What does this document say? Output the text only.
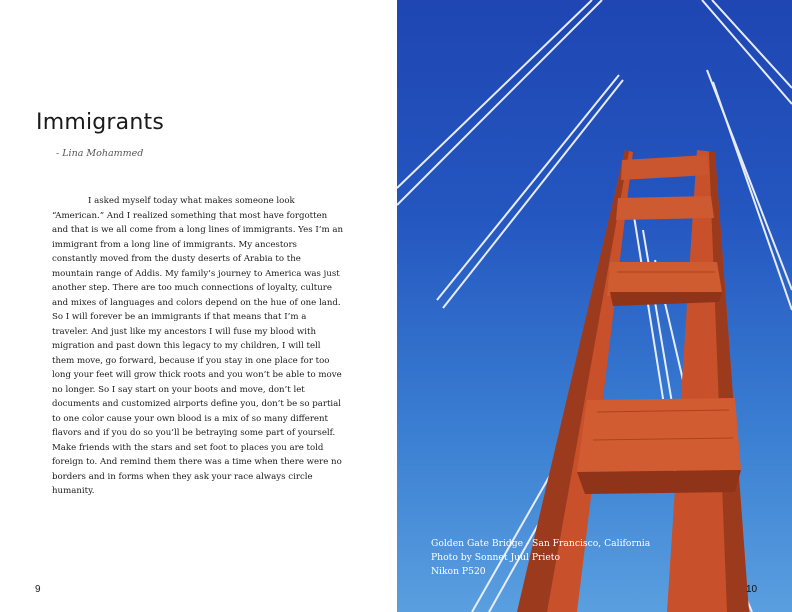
Immigrants
- Lina Mohammed

I asked myself today what makes someone look “American.” And I realized something that most have forgotten and that is we all come from a long lines of immigrants. Yes I’m an immigrant from a long line of immigrants. My ancestors constantly moved from the dusty deserts of Arabia to the mountain range of Addis. My family’s journey to America was just another step. There are too much connections of loyalty, culture and mixes of languages and colors depend on the hue of one land. So I will forever be an immigrants if that means that I’m a traveler. And just like my ancestors I will fuse my blood with migration and past down this legacy to my children, I will tell them move, go forward, because if you stay in one place for too long your feet will grow thick roots and you won’t be able to move no longer. So I say start on your boots and move, don’t let documents and customized airports define you, don’t be so partial to one color cause your own blood is a mix of so many different flavors and if you do so you’ll be betraying some part of yourself. Make friends with the stars and set foot to places you are told foreign to. And remind them there was a time when there were no borders and in forms when they ask your race always circle humanity.

9
Golden Gate Bridge - San Francisco, California
Photo by Sonnet Juul Prieto
Nikon P520
10
